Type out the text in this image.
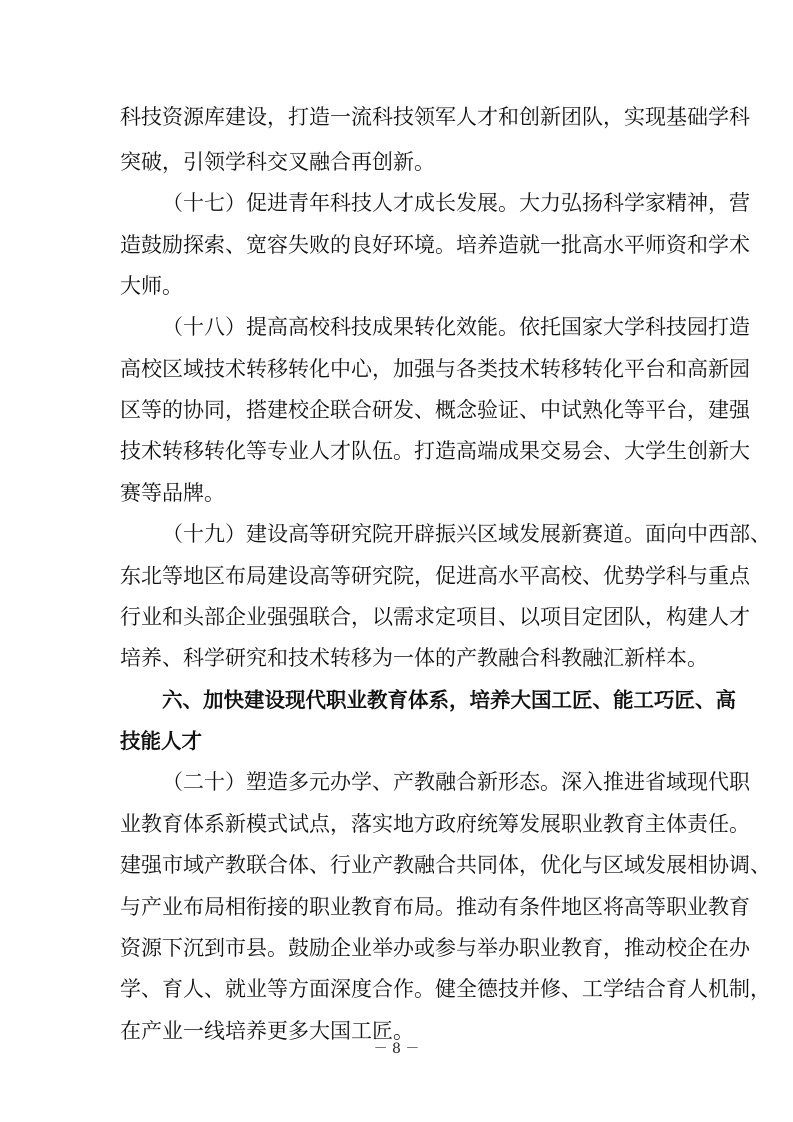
科技资源库建设，打造一流科技领军人才和创新团队，实现基础学科
突破，引领学科交叉融合再创新。
（十七）促进青年科技人才成长发展。大力弘扬科学家精神，营
造鼓励探索、宽容失败的良好环境。培养造就一批高水平师资和学术
大师。
（十八）提高高校科技成果转化效能。依托国家大学科技园打造
高校区域技术转移转化中心，加强与各类技术转移转化平台和高新园
区等的协同，搭建校企联合研发、概念验证、中试熟化等平台，建强
技术转移转化等专业人才队伍。打造高端成果交易会、大学生创新大
赛等品牌。
（十九）建设高等研究院开辟振兴区域发展新赛道。面向中西部、
东北等地区布局建设高等研究院，促进高水平高校、优势学科与重点
行业和头部企业强强联合，以需求定项目、以项目定团队，构建人才
培养、科学研究和技术转移为一体的产教融合科教融汇新样本。
六、加快建设现代职业教育体系，培养大国工匠、能工巧匠、高
技能人才
（二十）塑造多元办学、产教融合新形态。深入推进省域现代职
业教育体系新模式试点，落实地方政府统筹发展职业教育主体责任。
建强市域产教联合体、行业产教融合共同体，优化与区域发展相协调、
与产业布局相衔接的职业教育布局。推动有条件地区将高等职业教育
资源下沉到市县。鼓励企业举办或参与举办职业教育，推动校企在办
学、育人、就业等方面深度合作。健全德技并修、工学结合育人机制，
在产业一线培养更多大国工匠。
－ 8 －
